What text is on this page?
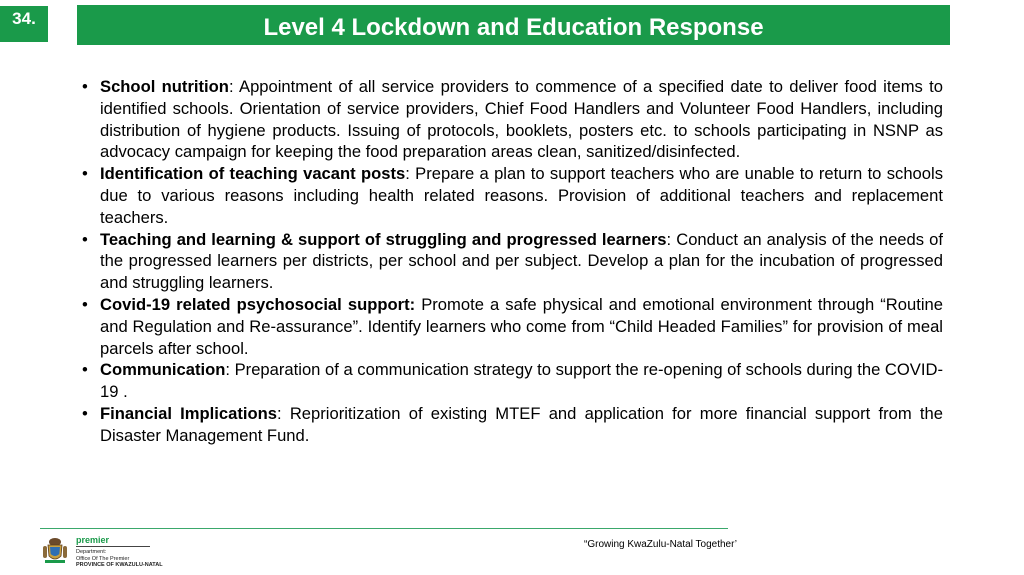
34.	Level 4 Lockdown and Education Response
• School nutrition: Appointment of all service providers to commence of a specified date to deliver food items to identified schools. Orientation of service providers, Chief Food Handlers and Volunteer Food Handlers, including distribution of hygiene products. Issuing of protocols, booklets, posters etc. to schools participating in NSNP as advocacy campaign for keeping the food preparation areas clean, sanitized/disinfected.
• Identification of teaching vacant posts: Prepare a plan to support teachers who are unable to return to schools due to various reasons including health related reasons. Provision of additional teachers and replacement teachers.
• Teaching and learning & support of struggling and progressed learners: Conduct an analysis of the needs of the progressed learners per districts, per school and per subject. Develop a plan for the incubation of progressed and struggling learners.
• Covid-19 related psychosocial support: Promote a safe physical and emotional environment through “Routine and Regulation and Re-assurance”. Identify learners who come from “Child Headed Families” for provision of meal parcels after school.
• Communication: Preparation of a communication strategy to support the re-opening of schools during the COVID-19 .
• Financial Implications: Reprioritization of existing MTEF and application for more financial support from the Disaster Management Fund.
premier
Department:
Office Of The Premier
PROVINCE OF KWAZULU-NATAL
“Growing KwaZulu-Natal Together’
